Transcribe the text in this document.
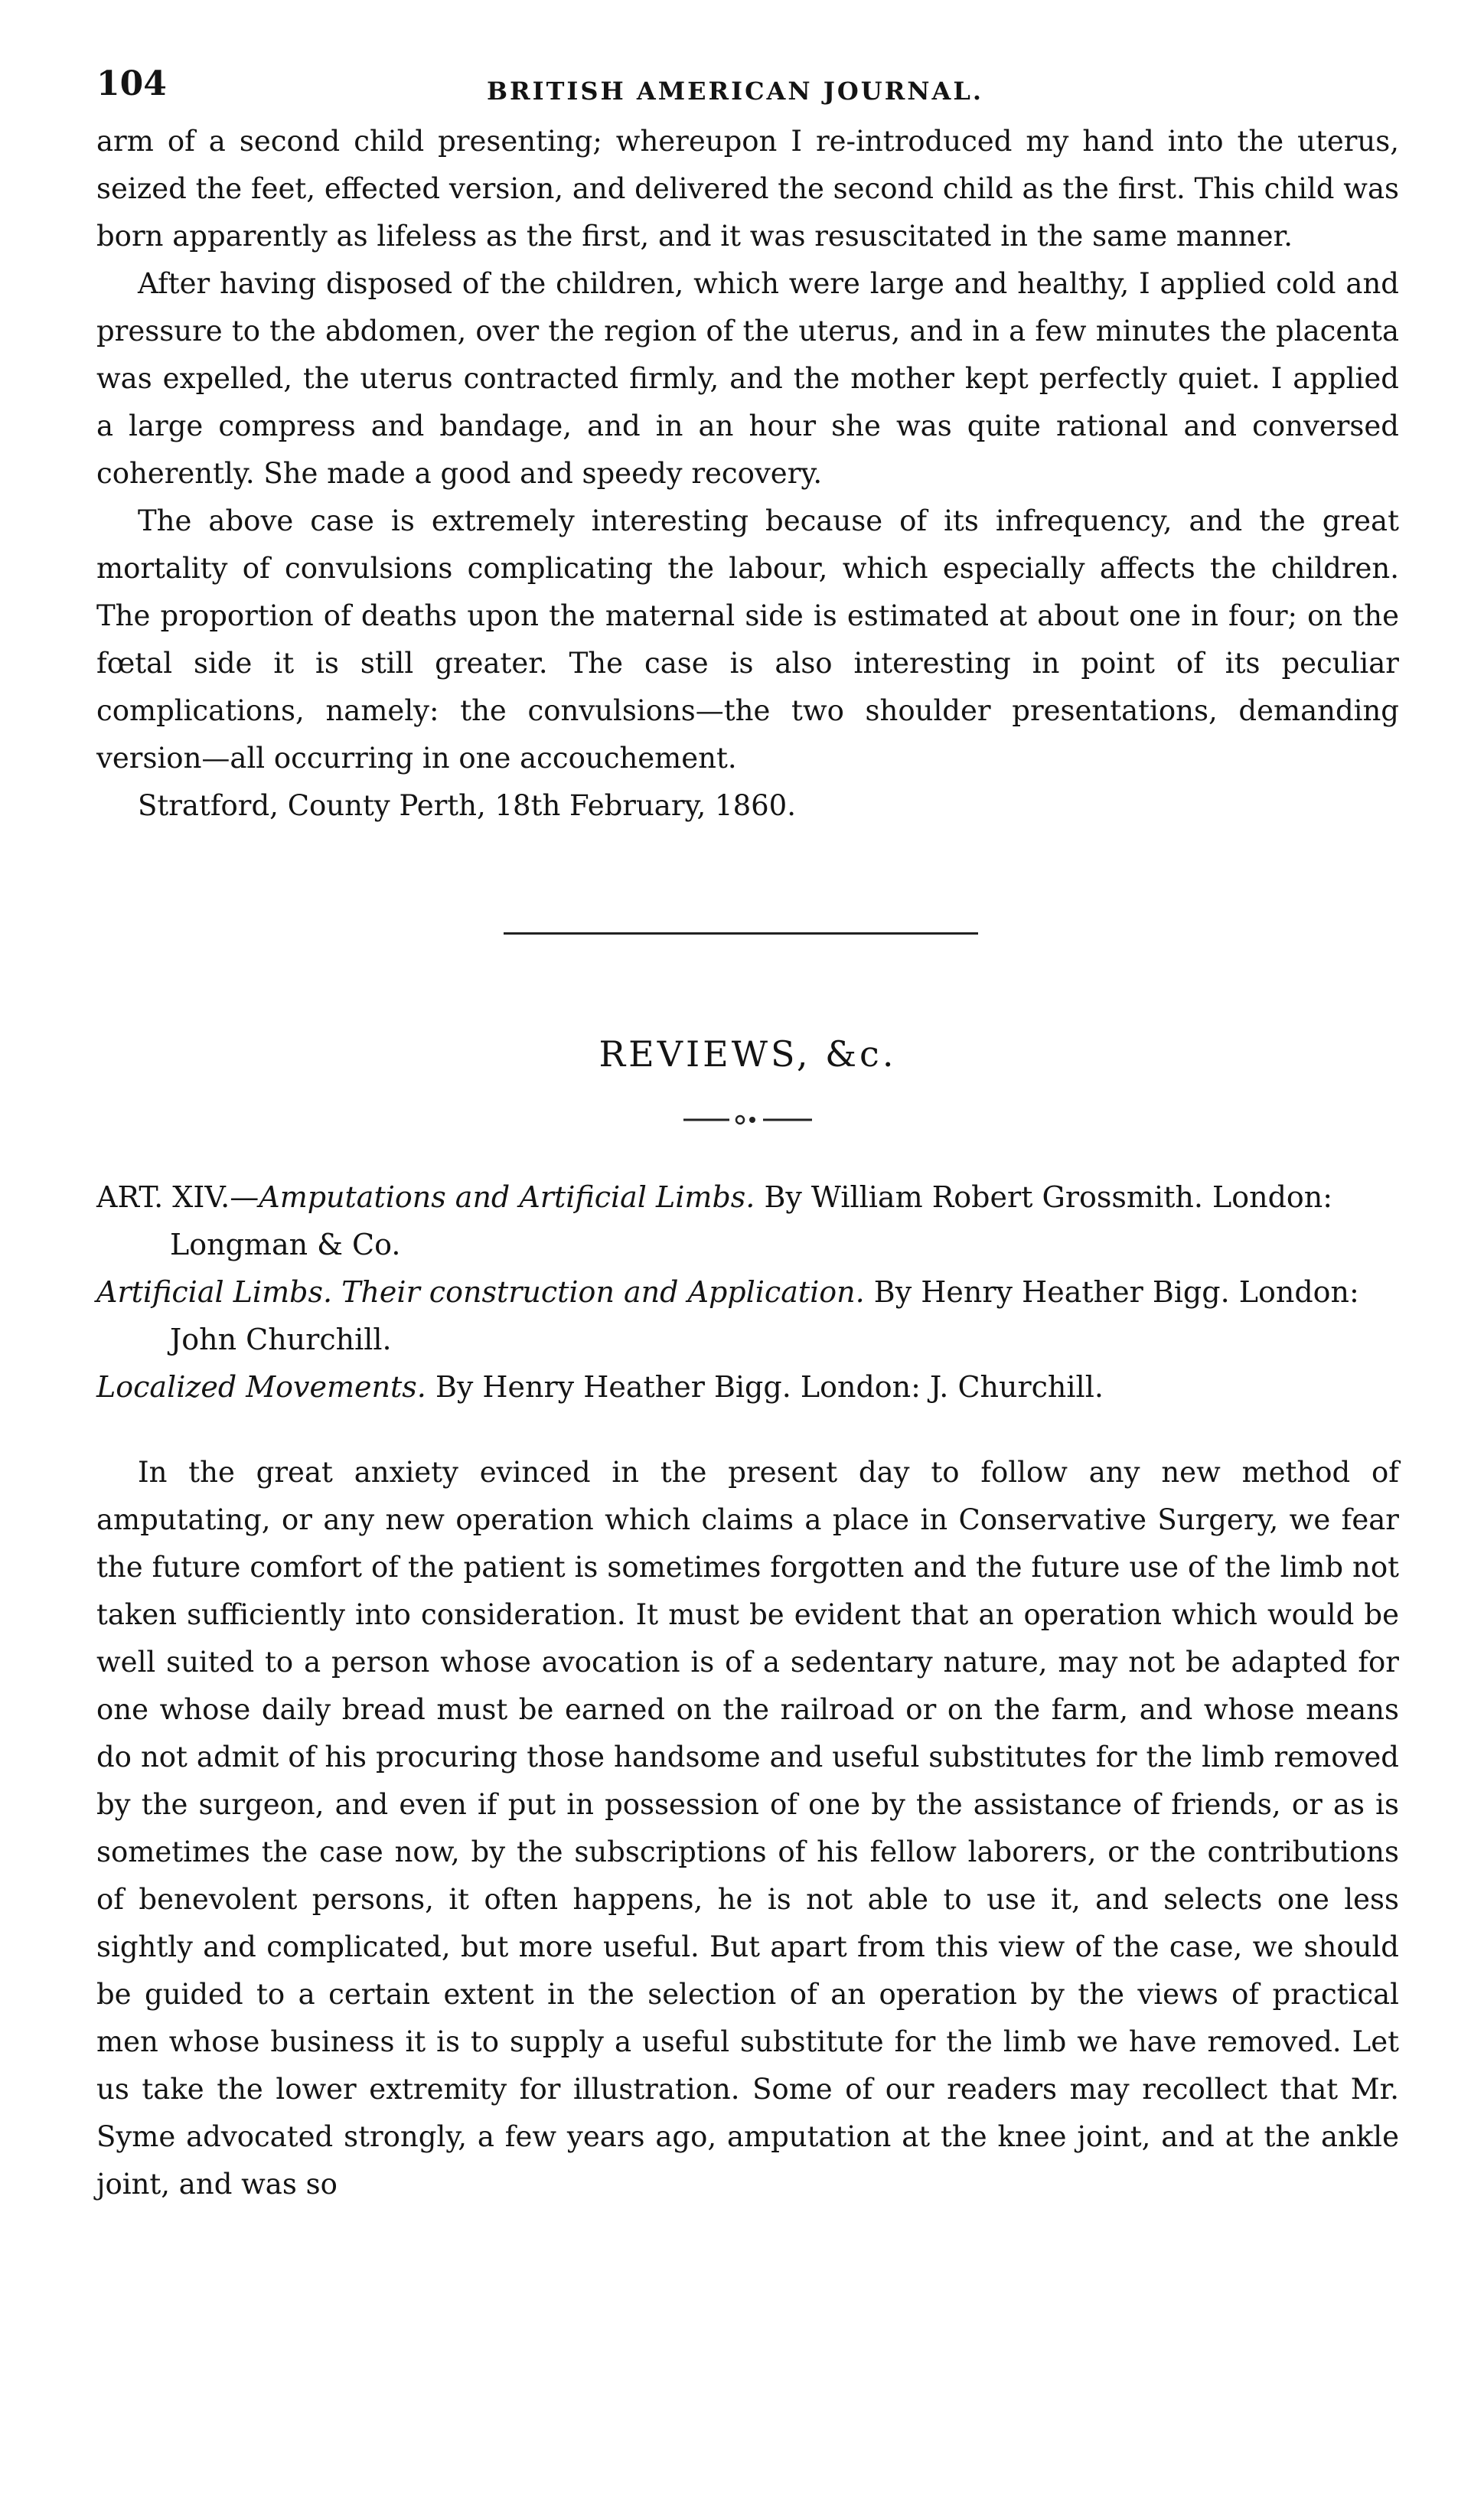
104	BRITISH AMERICAN JOURNAL.

arm of a second child presenting; whereupon I re-introduced my hand into the uterus, seized the feet, effected version, and delivered the second child as the first. This child was born apparently as lifeless as the first, and it was resuscitated in the same manner.

After having disposed of the children, which were large and healthy, I applied cold and pressure to the abdomen, over the region of the uterus, and in a few minutes the placenta was expelled, the uterus contracted firmly, and the mother kept perfectly quiet. I applied a large compress and bandage, and in an hour she was quite rational and conversed coherently. She made a good and speedy recovery.

The above case is extremely interesting because of its infrequency, and the great mortality of convulsions complicating the labour, which especially affects the children. The proportion of deaths upon the maternal side is estimated at about one in four; on the fœtal side it is still greater. The case is also interesting in point of its peculiar complications, namely: the convulsions—the two shoulder presentations, demanding version—all occurring in one accouchement.

Stratford, County Perth, 18th February, 1860.

REVIEWS, &c.

ART. XIV.—Amputations and Artificial Limbs. By William Robert Grossmith. London: Longman & Co.

Artificial Limbs. Their construction and Application. By Henry Heather Bigg. London: John Churchill.

Localized Movements. By Henry Heather Bigg. London: J. Churchill.

In the great anxiety evinced in the present day to follow any new method of amputating, or any new operation which claims a place in Conservative Surgery, we fear the future comfort of the patient is sometimes forgotten and the future use of the limb not taken sufficiently into consideration. It must be evident that an operation which would be well suited to a person whose avocation is of a sedentary nature, may not be adapted for one whose daily bread must be earned on the railroad or on the farm, and whose means do not admit of his procuring those handsome and useful substitutes for the limb removed by the surgeon, and even if put in possession of one by the assistance of friends, or as is sometimes the case now, by the subscriptions of his fellow laborers, or the contributions of benevolent persons, it often happens, he is not able to use it, and selects one less sightly and complicated, but more useful. But apart from this view of the case, we should be guided to a certain extent in the selection of an operation by the views of practical men whose business it is to supply a useful substitute for the limb we have removed. Let us take the lower extremity for illustration. Some of our readers may recollect that Mr. Syme advocated strongly, a few years ago, amputation at the knee joint, and at the ankle joint, and was so
